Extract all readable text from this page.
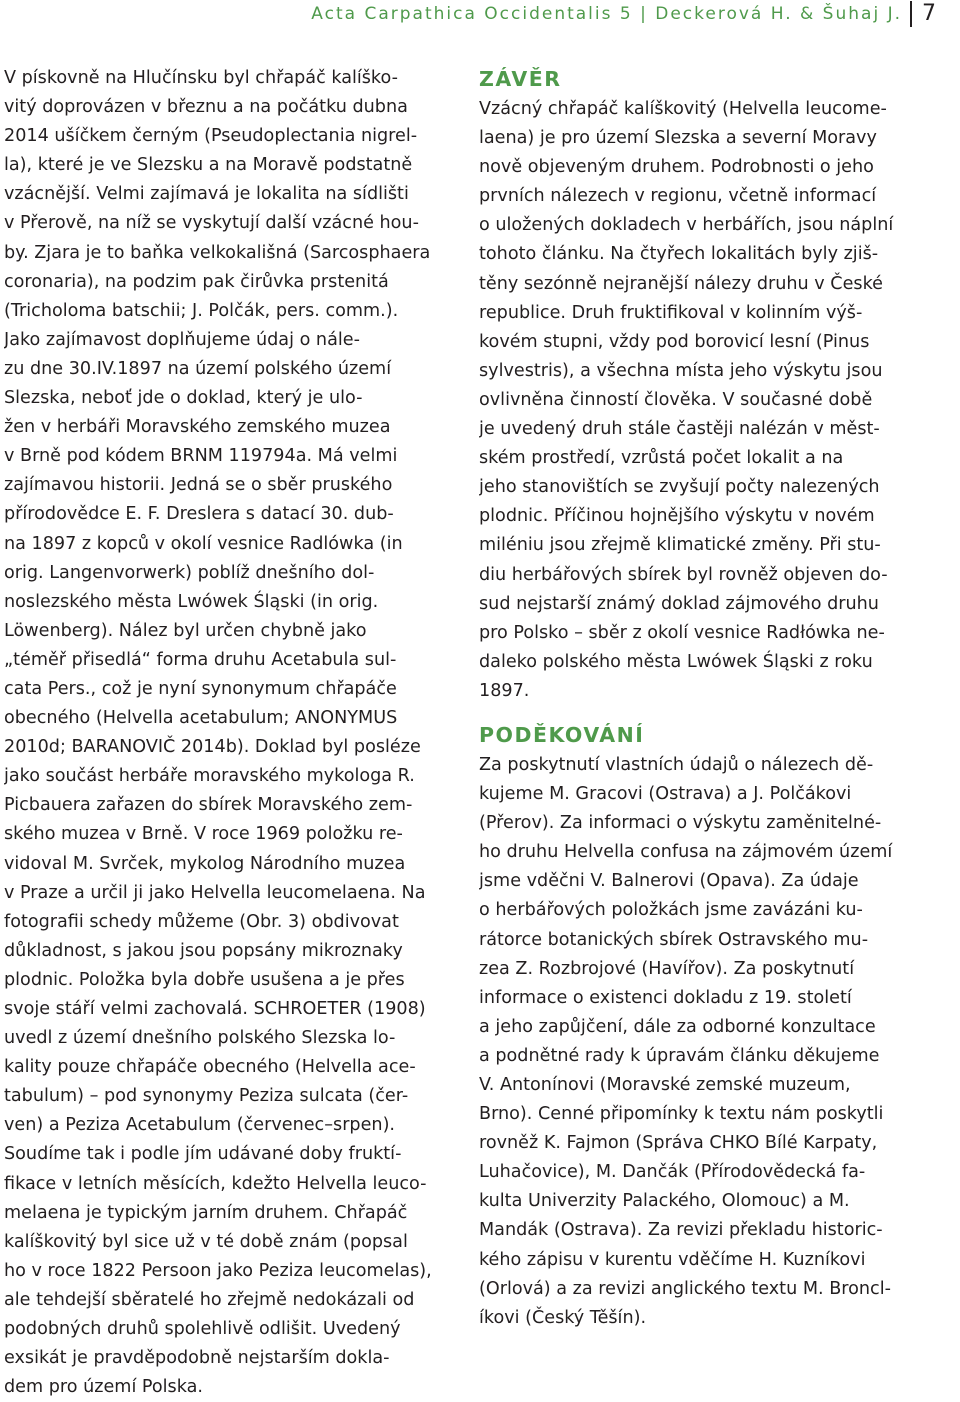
Acta Carpathica Occidentalis 5 | Deckerová H. & Šuhaj J. 7
V pískovně na Hlučínsku byl chřapáč kalíško-
vitý doprovázen v březnu a na počátku dubna
2014 ušíčkem černým (Pseudoplectania nigrel-
la), které je ve Slezsku a na Moravě podstatně
vzácnější. Velmi zajímavá je lokalita na sídlišti
v Přerově, na níž se vyskytují další vzácné hou-
by. Zjara je to baňka velkokališná (Sarcosphaera
coronaria), na podzim pak čirůvka prstenitá
(Tricholoma batschii; J. Polčák, pers. comm.).
Jako zajímavost doplňujeme údaj o nále-
zu dne 30.IV.1897 na území polského území
Slezska, neboť jde o doklad, který je ulo-
žen v herbáři Moravského zemského muzea
v Brně pod kódem BRNM 119794a. Má velmi
zajímavou historii. Jedná se o sběr pruského
přírodovědce E. F. Dreslera s datací 30. dub-
na 1897 z kopců v okolí vesnice Radlówka (in
orig. Langenvorwerk) poblíž dnešního dol-
noslezského města Lwówek Śląski (in orig.
Löwenberg). Nález byl určen chybně jako
„téměř přisedlá“ forma druhu Acetabula sul-
cata Pers., což je nyní synonymum chřapáče
obecného (Helvella acetabulum; ANONYMUS
2010d; BARANOVIČ 2014b). Doklad byl posléze
jako součást herbáře moravského mykologa R.
Picbauera zařazen do sbírek Moravského zem-
ského muzea v Brně. V roce 1969 položku re-
vidoval M. Svrček, mykolog Národního muzea
v Praze a určil ji jako Helvella leucomelaena. Na
fotografii schedy můžeme (Obr. 3) obdivovat
důkladnost, s jakou jsou popsány mikroznaky
plodnic. Položka byla dobře usušena a je přes
svoje stáří velmi zachovalá. SCHROETER (1908)
uvedl z území dnešního polského Slezska lo-
kality pouze chřapáče obecného (Helvella ace-
tabulum) – pod synonymy Peziza sulcata (čer-
ven) a Peziza Acetabulum (červenec–srpen).
Soudíme tak i podle jím udávané doby fruktí-
fikace v letních měsících, kdežto Helvella leuco-
melaena je typickým jarním druhem. Chřapáč
kalíškovitý byl sice už v té době znám (popsal
ho v roce 1822 Persoon jako Peziza leucomelas),
ale tehdejší sběratelé ho zřejmě nedokázali od
podobných druhů spolehlivě odlišit. Uvedený
exsikát je pravděpodobně nejstarším doklа-
dem pro území Polska.
ZÁVĚR
Vzácný chřapáč kalíškovitý (Helvella leucome-
laena) je pro území Slezska a severní Moravy
nově objeveným druhem. Podrobnosti o jeho
prvních nálezech v regionu, včetně informací
o uložených dokladech v herbářích, jsou náplní
tohoto článku. Na čtyřech lokalitách byly zjiš-
těny sezónně nejranější nálezy druhu v České
republice. Druh fruktifikoval v kolinním výš-
kovém stupni, vždy pod borovicí lesní (Pinus
sylvestris), a všechna místa jeho výskytu jsou
ovlivněna činností člověka. V současné době
je uvedený druh stále častěji nalézán v měst-
ském prostředí, vzrůstá počet lokalit a na
jeho stanovištích se zvyšují počty nalezených
plodnic. Příčinou hojnějšího výskytu v novém
miléniu jsou zřejmě klimatické změny. Při stu-
diu herbářových sbírek byl rovněž objeven do-
sud nejstarší známý doklad zájmového druhu
pro Polsko – sběr z okolí vesnice Radłówka ne-
daleko polského města Lwówek Śląski z roku
1897.
PODĚKOVÁNÍ
Za poskytnutí vlastních údajů o nálezech dě-
kujeme M. Gracovi (Ostrava) a J. Polčákovi
(Přerov). Za informaci o výskytu zaměnitelné-
ho druhu Helvella confusa na zájmovém území
jsme vděčni V. Balnerovi (Opava). Za údaje
o herbářových položkách jsme zavázáni ku-
rátorce botanických sbírek Ostravského mu-
zea Z. Rozbrojové (Havířov). Za poskytnutí
informace o existenci dokladu z 19. století
a jeho zapůjčení, dále za odborné konzultace
a podnětné rady k úpravám článku děkujeme
V. Antonínovi (Moravské zemské muzeum,
Brno). Cenné připomínky k textu nám poskytli
rovněž K. Fajmon (Správa CHKO Bílé Karpaty,
Luhačovice), M. Dančák (Přírodovědecká fa-
kulta Univerzity Palackého, Olomouc) a M.
Mandák (Ostrava). Za revizi překladu historic-
kého zápisu v kurentu vděčíme H. Kuzníkovi
(Orlová) a za revizi anglického textu M. Broncl-
íkovi (Český Těšín).
